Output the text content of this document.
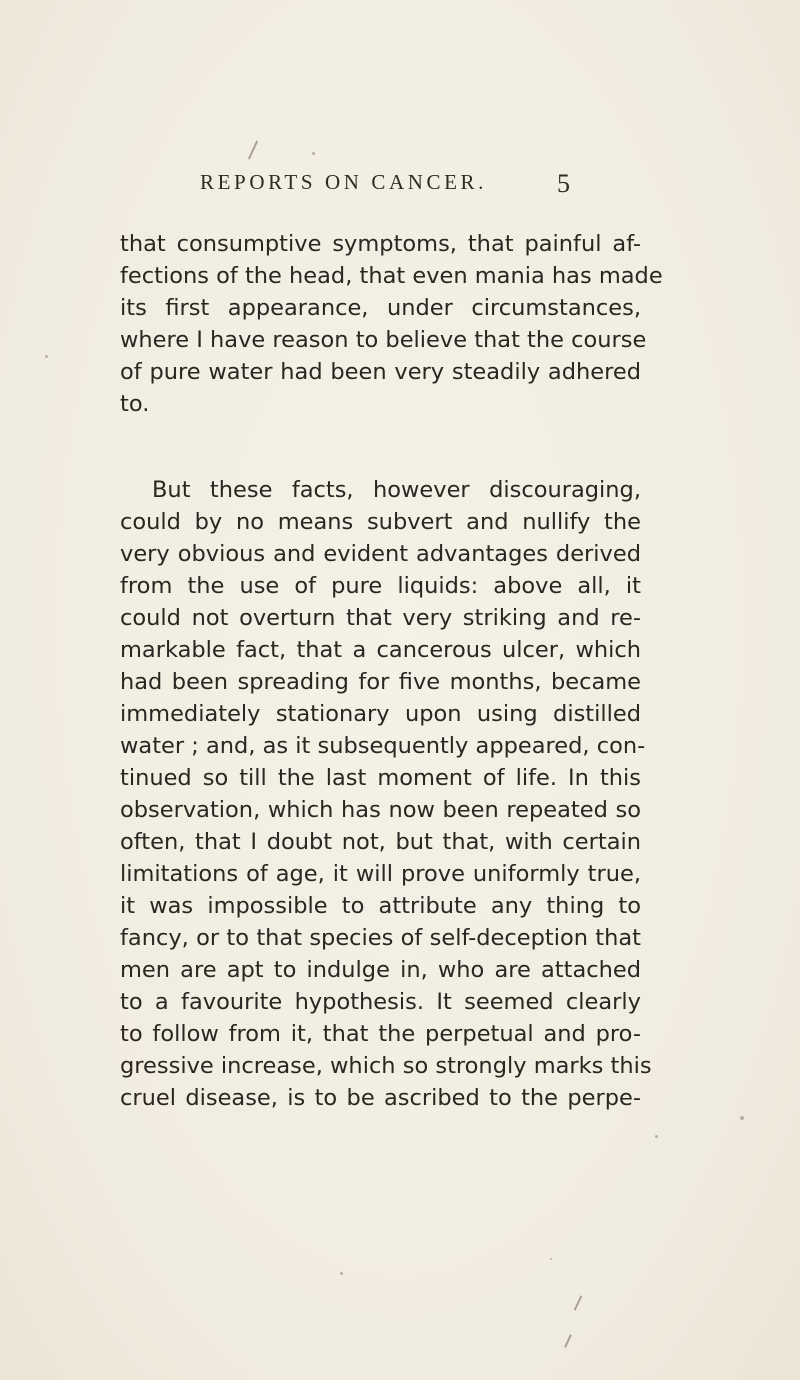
REPORTS ON CANCER.	5
that consumptive symptoms, that painful af-
fections of the head, that even mania has made
its first appearance, under circumstances,
where I have reason to believe that the course
of pure water had been very steadily adhered
to.
But these facts, however discouraging,
could by no means subvert and nullify the
very obvious and evident advantages derived
from the use of pure liquids: above all, it
could not overturn that very striking and re-
markable fact, that a cancerous ulcer, which
had been spreading for five months, became
immediately stationary upon using distilled
water ; and, as it subsequently appeared, con-
tinued so till the last moment of life. In this
observation, which has now been repeated so
often, that I doubt not, but that, with certain
limitations of age, it will prove uniformly true,
it was impossible to attribute any thing to
fancy, or to that species of self-deception that
men are apt to indulge in, who are attached
to a favourite hypothesis. It seemed clearly
to follow from it, that the perpetual and pro-
gressive increase, which so strongly marks this
cruel disease, is to be ascribed to the perpe-
